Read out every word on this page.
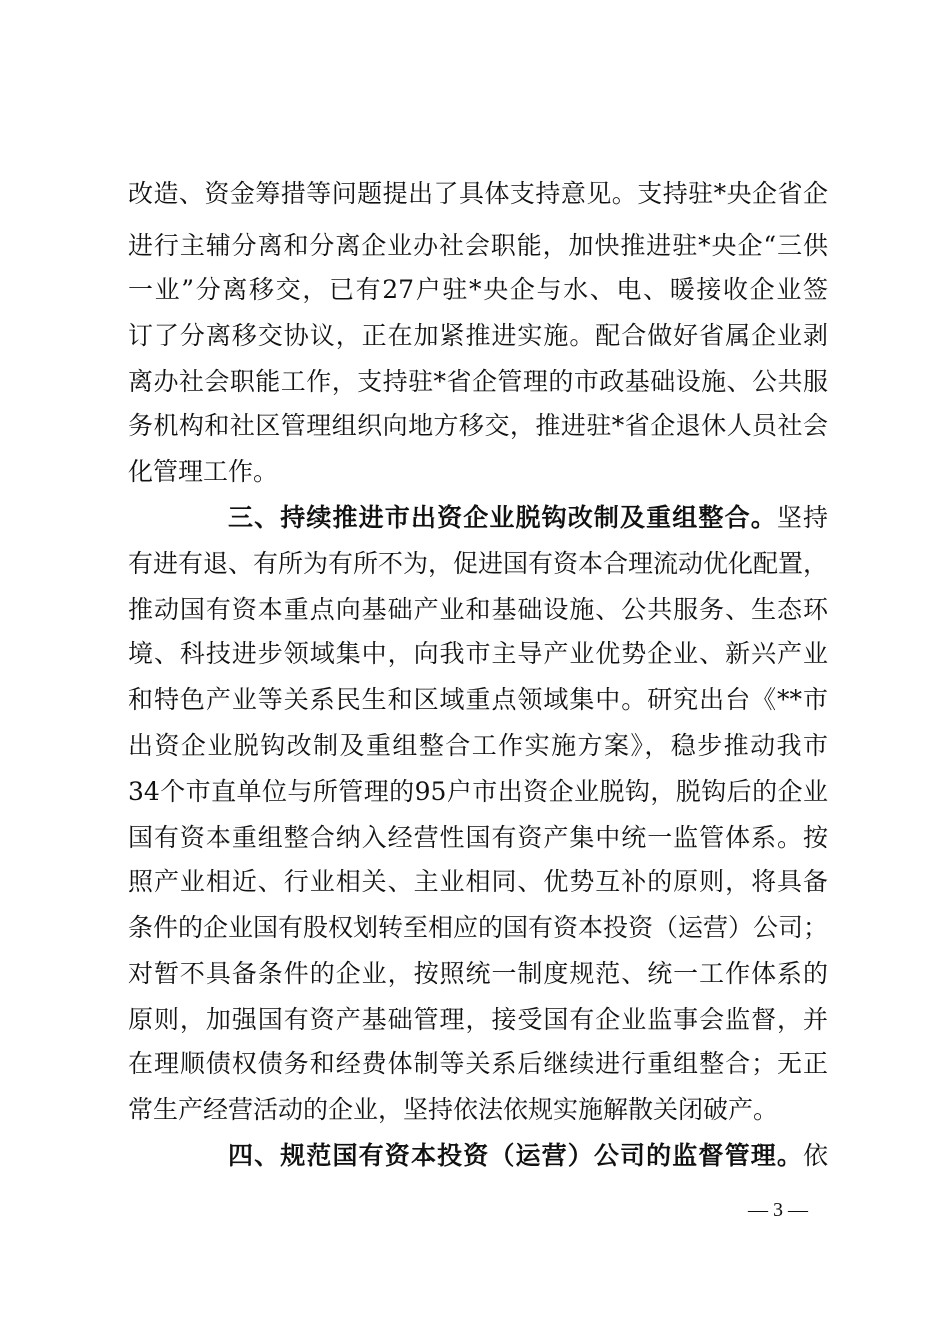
改造、资金筹措等问题提出了具体支持意见。支持驻*央企省企
进行主辅分离和分离企业办社会职能，加快推进驻*央企“三供
一业”分离移交，已有27户驻*央企与水、电、暖接收企业签
订了分离移交协议，正在加紧推进实施。配合做好省属企业剥
离办社会职能工作，支持驻*省企管理的市政基础设施、公共服
务机构和社区管理组织向地方移交，推进驻*省企退休人员社会
化管理工作。
三、持续推进市出资企业脱钩改制及重组整合。坚持
有进有退、有所为有所不为，促进国有资本合理流动优化配置，
推动国有资本重点向基础产业和基础设施、公共服务、生态环
境、科技进步领域集中，向我市主导产业优势企业、新兴产业
和特色产业等关系民生和区域重点领域集中。研究出台《**市
出资企业脱钩改制及重组整合工作实施方案》，稳步推动我市
34个市直单位与所管理的95户市出资企业脱钩，脱钩后的企业
国有资本重组整合纳入经营性国有资产集中统一监管体系。按
照产业相近、行业相关、主业相同、优势互补的原则，将具备
条件的企业国有股权划转至相应的国有资本投资（运营）公司；
对暂不具备条件的企业，按照统一制度规范、统一工作体系的
原则，加强国有资产基础管理，接受国有企业监事会监督，并
在理顺债权债务和经费体制等关系后继续进行重组整合；无正
常生产经营活动的企业，坚持依法依规实施解散关闭破产。
四、规范国有资本投资（运营）公司的监督管理。依
— 3 —
